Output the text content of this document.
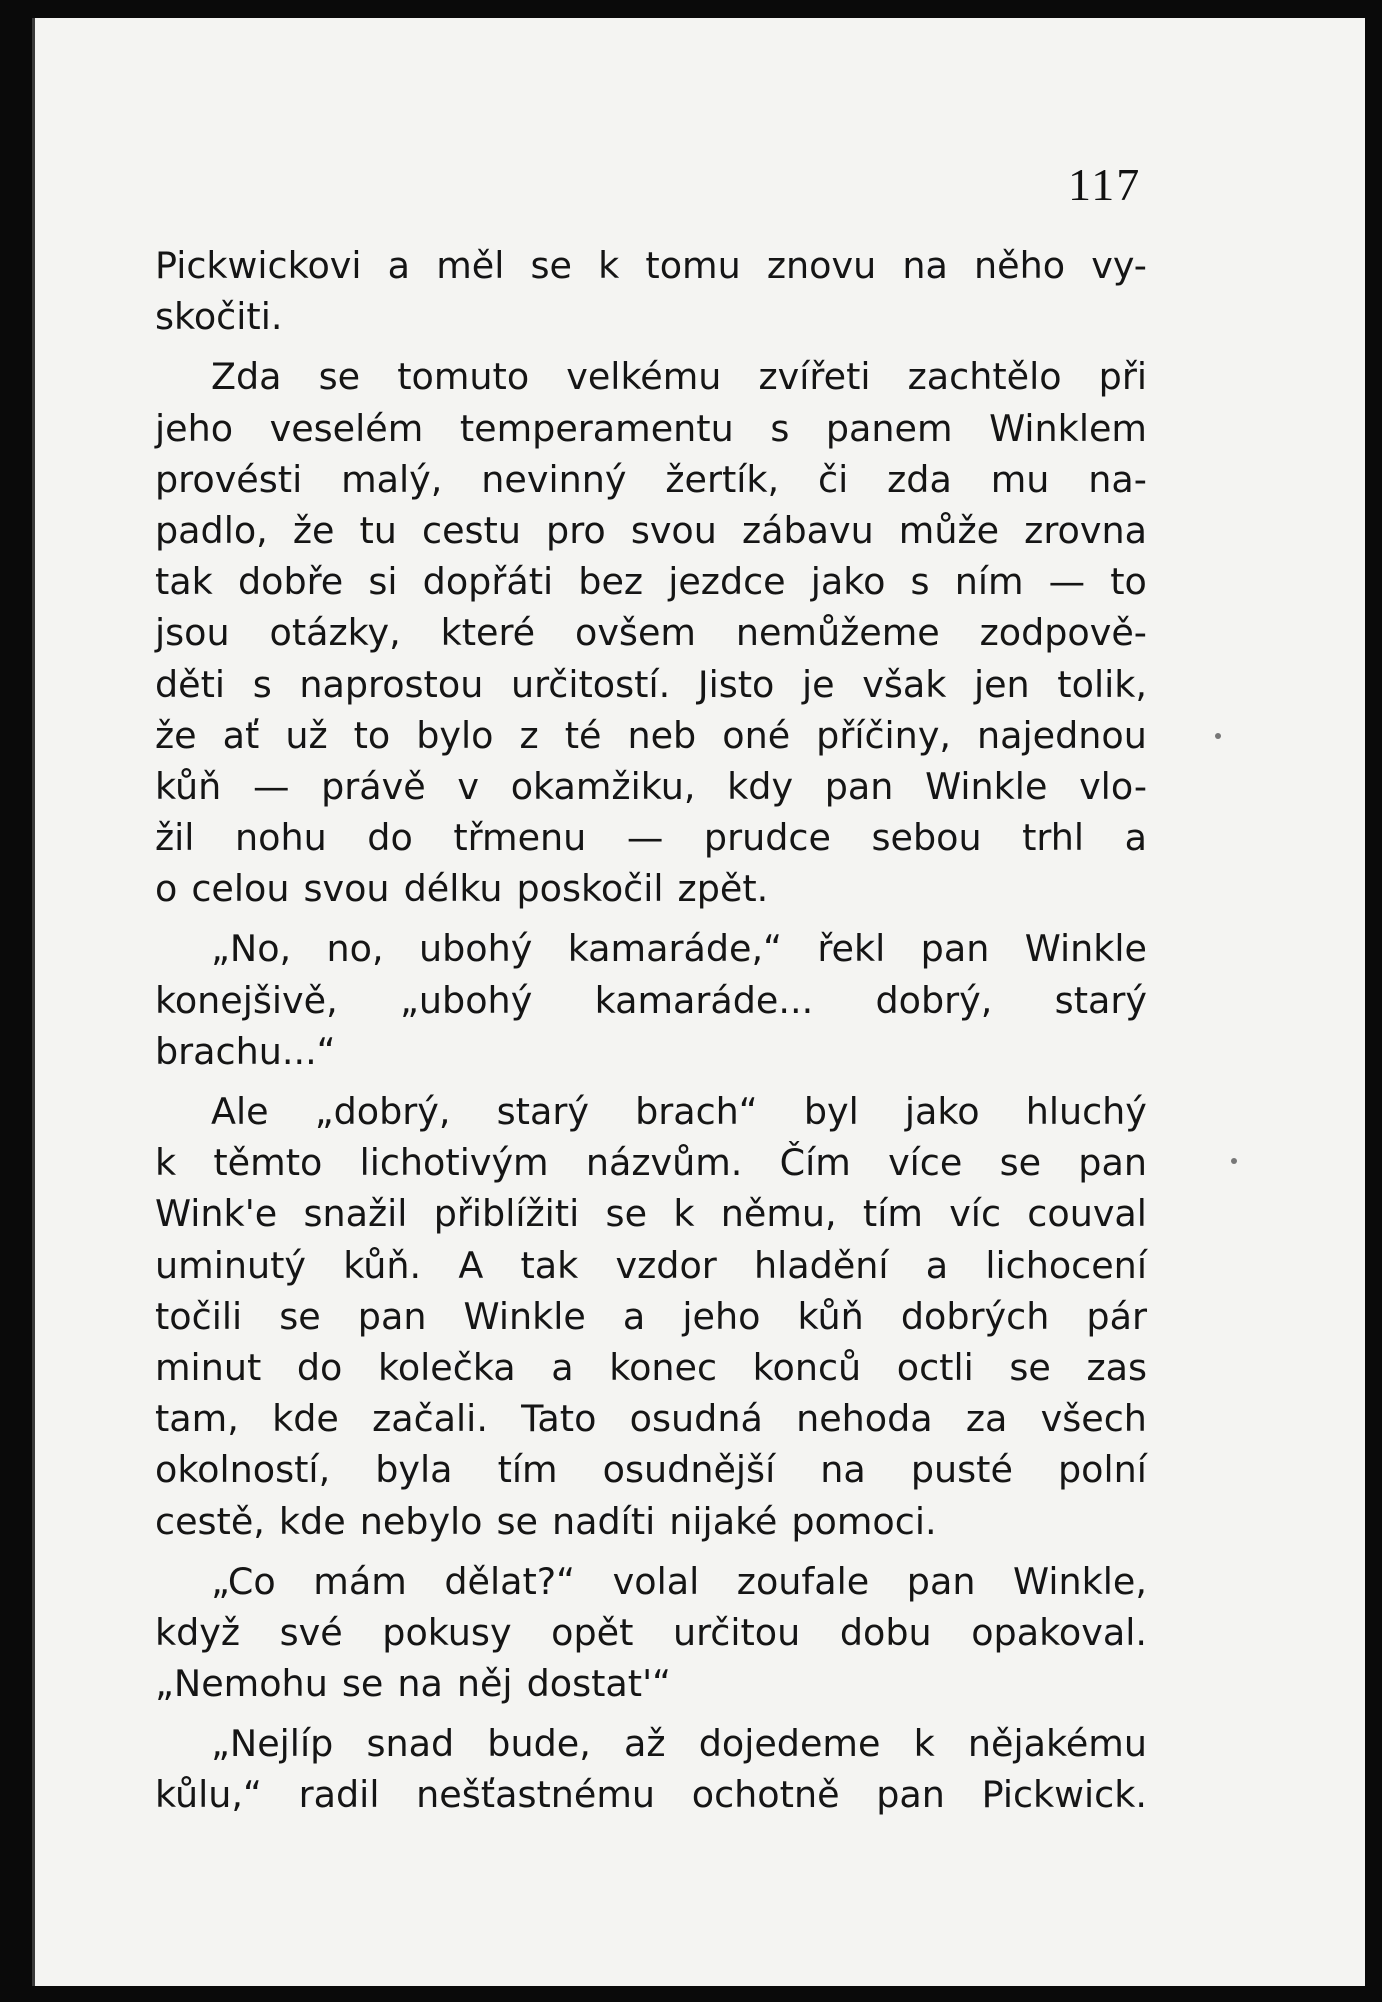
117
Pickwickovi a měl se k tomu znovu na něho vy-
skočiti.
Zda se tomuto velkému zvířeti zachtělo při
jeho veselém temperamentu s panem Winklem
provésti malý, nevinný žertík, či zda mu na-
padlo, že tu cestu pro svou zábavu může zrovna
tak dobře si dopřáti bez jezdce jako s ním — to
jsou otázky, které ovšem nemůžeme zodpově-
děti s naprostou určitostí. Jisto je však jen tolik,
že ať už to bylo z té neb oné příčiny, najednou
kůň — právě v okamžiku, kdy pan Winkle vlo-
žil nohu do třmenu — prudce sebou trhl a
o celou svou délku poskočil zpět.
„No, no, ubohý kamaráde,“ řekl pan Winkle
konejšivě, „ubohý kamaráde... dobrý, starý
brachu...“
Ale „dobrý, starý brach“ byl jako hluchý
k těmto lichotivým názvům. Čím více se pan
Wink'e snažil přiblížiti se k němu, tím víc couval
uminutý kůň. A tak vzdor hladění a lichocení
točili se pan Winkle a jeho kůň dobrých pár
minut do kolečka a konec konců octli se zas
tam, kde začali. Tato osudná nehoda za všech
okolností, byla tím osudnější na pusté polní
cestě, kde nebylo se nadíti nijaké pomoci.
„Co mám dělat?“ volal zoufale pan Winkle,
když své pokusy opět určitou dobu opakoval.
„Nemohu se na něj dostat'“
„Nejlíp snad bude, až dojedeme k nějakému
kůlu,“ radil nešťastnému ochotně pan Pickwick.
